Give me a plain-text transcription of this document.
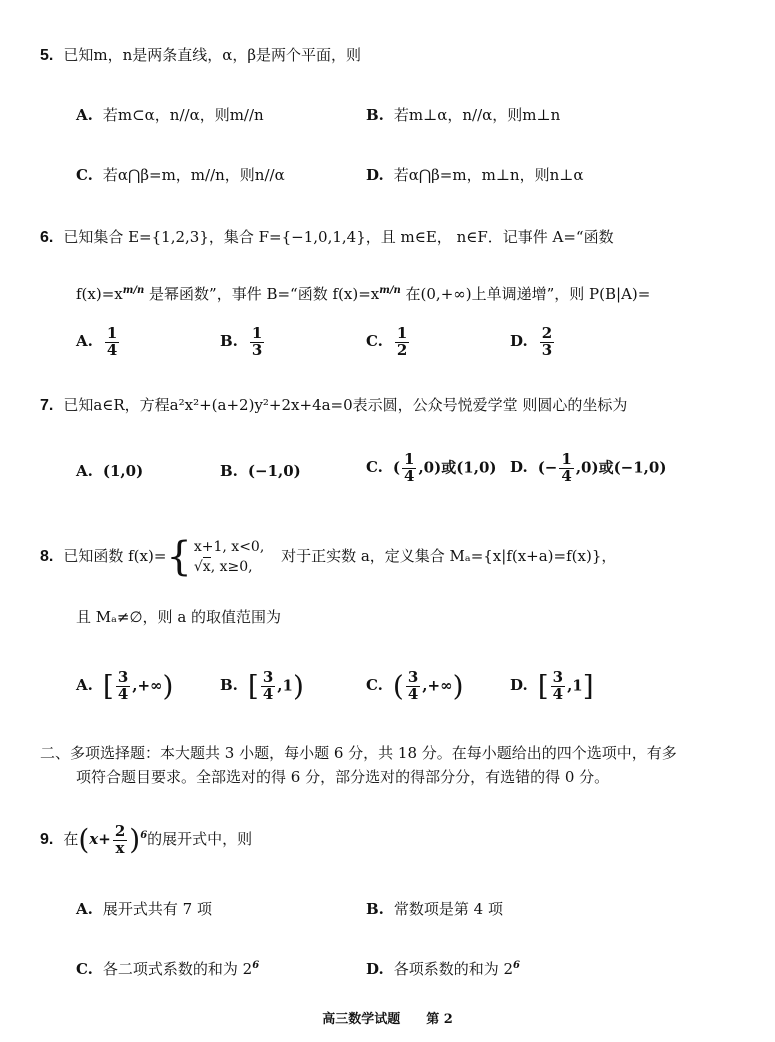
5. 已知m，n是两条直线，α，β是两个平面，则
A. 若m⊂α，n//α，则m//n	B. 若m⊥α，n//α，则m⊥n
C. 若α⋂β=m，m//n，则n//α	D. 若α⋂β=m，m⊥n，则n⊥α
6. 已知集合 E={1,2,3}，集合 F={−1,0,1,4}，且 m∈E， n∈F．记事件 A=“函数
$f(x)=x^{m/n}$ 是幂函数”，事件 B=“函数 $f(x)=x^{m/n}$ 在(0,+∞)上单调递增”，则 P(B|A)=
A. $\frac{1}{4}$	B. $\frac{1}{3}$	C. $\frac{1}{2}$	D. $\frac{2}{3}$
7. 已知a∈R，方程a²x²+(a+2)y²+2x+4a=0表示圆，公众号悦爱学堂 则圆心的坐标为
A. (1,0)	B. (−1,0)	C. ( $\frac{1}{4} ,0$)或(1,0) D. (− $\frac{1}{4} ,0$)或(−1,0)
8. 已知函数 f(x)= { x+1, x<0,
√x, x≥0,
对于正实数 a，定义集合 Mₐ={x|f(x+a)=f(x)}，
且 Mₐ≠∅，则 a 的取值范围为
A. [ $\frac{3}{4}$ ,+∞)	B. [ $\frac{3}{4} ,1$)	C. ( $\frac{3}{4}$ ,+∞)	D. [ $\frac{3}{4} ,1$]
二、多项选择题：本大题共 3 小题，每小题 6 分，共 18 分。在每小题给出的四个选项中，有多
项符合题目要求。全部选对的得 6 分，部分选对的得部分分，有选错的得 0 分。
9. 在$(x+ \frac{2}{x} )^6$的展开式中，则
A. 展开式共有 7 项	B. 常数项是第 4 项
C. 各二项式系数的和为 $2^6$	D. 各项系数的和为 $2^6$
高三数学试题　　第 2
